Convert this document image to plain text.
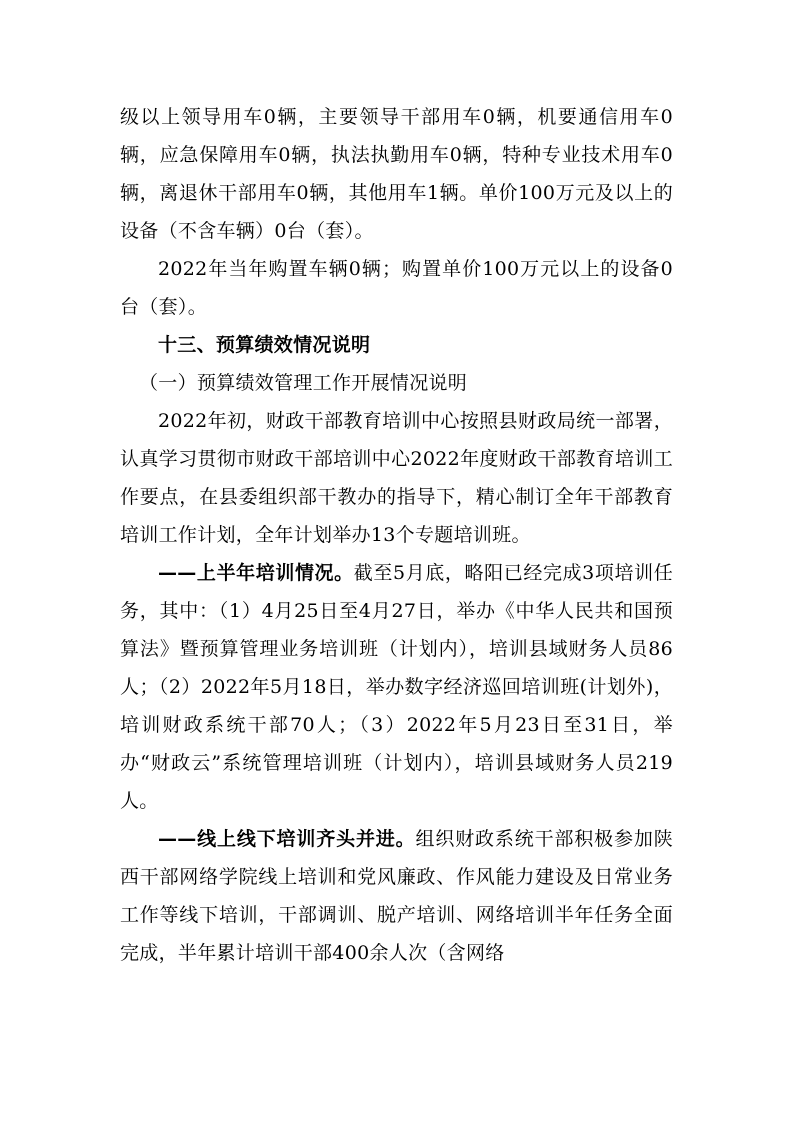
级以上领导用车0辆，主要领导干部用车0辆，机要通信用车0辆，应急保障用车0辆，执法执勤用车0辆，特种专业技术用车0辆，离退休干部用车0辆，其他用车1辆。单价100万元及以上的设备（不含车辆）0台（套）。

2022年当年购置车辆0辆；购置单价100万元以上的设备0台（套）。

十三、预算绩效情况说明

（一）预算绩效管理工作开展情况说明

2022年初，财政干部教育培训中心按照县财政局统一部署，认真学习贯彻市财政干部培训中心2022年度财政干部教育培训工作要点，在县委组织部干教办的指导下，精心制订全年干部教育培训工作计划，全年计划举办13个专题培训班。

——上半年培训情况。截至5月底，略阳已经完成3项培训任务，其中：（1）4月25日至4月27日，举办《中华人民共和国预算法》暨预算管理业务培训班（计划内），培训县域财务人员86人；（2）2022年5月18日，举办数字经济巡回培训班(计划外)，培训财政系统干部70人；（3）2022年5月23日至31日，举办“财政云”系统管理培训班（计划内），培训县域财务人员219人。

——线上线下培训齐头并进。组织财政系统干部积极参加陕西干部网络学院线上培训和党风廉政、作风能力建设及日常业务工作等线下培训，干部调训、脱产培训、网络培训半年任务全面完成，半年累计培训干部400余人次（含网络
